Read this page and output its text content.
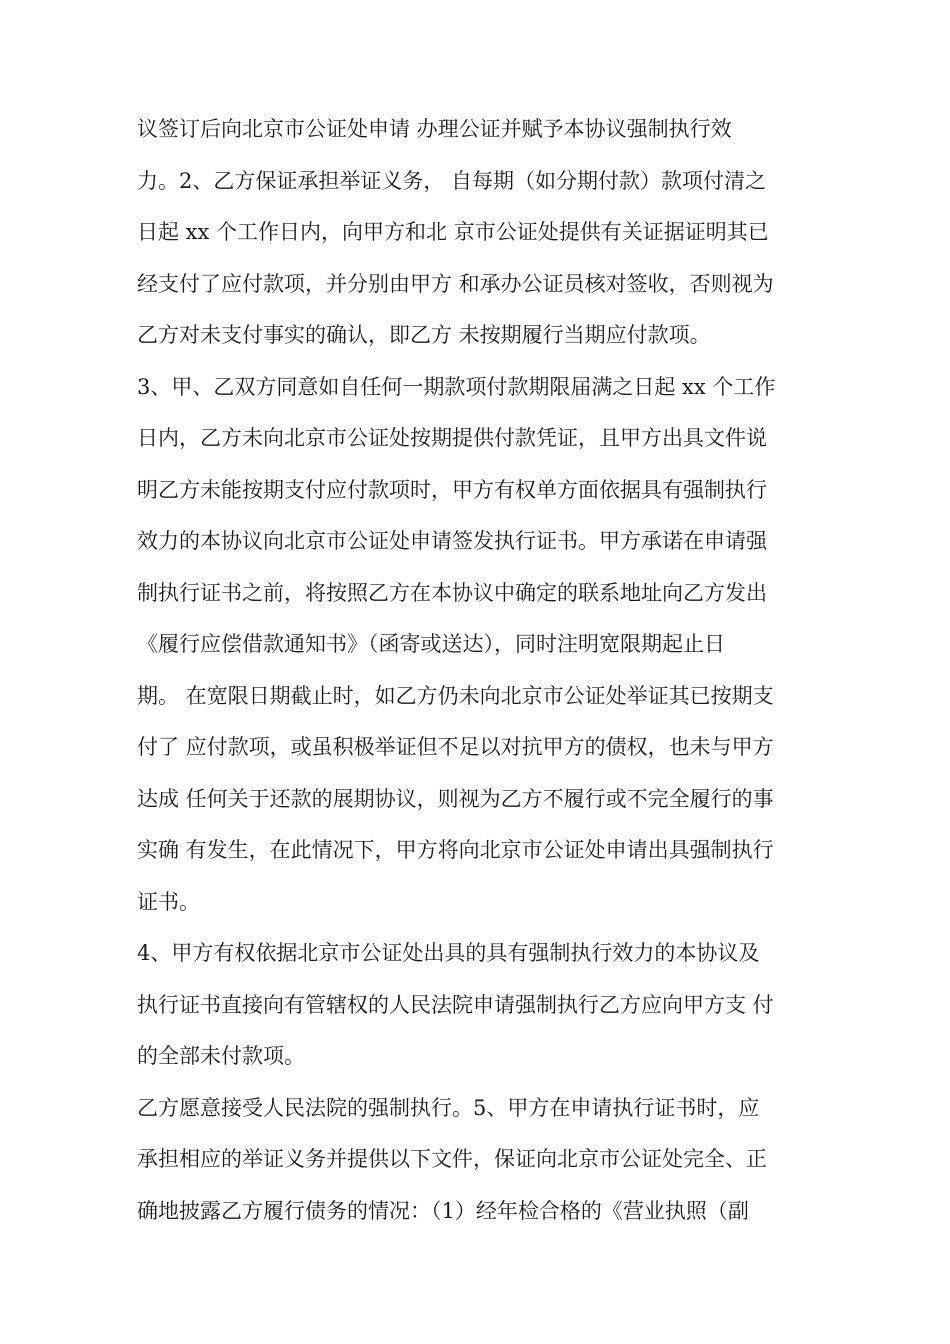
议签订后向北京市公证处申请 办理公证并赋予本协议强制执行效
力。2、乙方保证承担举证义务， 自每期（如分期付款）款项付清之
日起 xx 个工作日内，向甲方和北 京市公证处提供有关证据证明其已
经支付了应付款项，并分别由甲方 和承办公证员核对签收，否则视为
乙方对未支付事实的确认，即乙方 未按期履行当期应付款项。
3、甲、乙双方同意如自任何一期款项付款期限届满之日起 xx 个工作
日内，乙方未向北京市公证处按期提供付款凭证，且甲方出具文件说
明乙方未能按期支付应付款项时，甲方有权单方面依据具有强制执行
效力的本协议向北京市公证处申请签发执行证书。甲方承诺在申请强
制执行证书之前，将按照乙方在本协议中确定的联系地址向乙方发出
《履行应偿借款通知书》（函寄或送达），同时注明宽限期起止日
期。 在宽限日期截止时，如乙方仍未向北京市公证处举证其已按期支
付了 应付款项，或虽积极举证但不足以对抗甲方的债权，也未与甲方
达成 任何关于还款的展期协议，则视为乙方不履行或不完全履行的事
实确 有发生，在此情况下，甲方将向北京市公证处申请出具强制执行
证书。
4、甲方有权依据北京市公证处出具的具有强制执行效力的本协议及
执行证书直接向有管辖权的人民法院申请强制执行乙方应向甲方支 付
的全部未付款项。
乙方愿意接受人民法院的强制执行。5、甲方在申请执行证书时，应
承担相应的举证义务并提供以下文件，保证向北京市公证处完全、正
确地披露乙方履行债务的情况：（1）经年检合格的《营业执照（副
